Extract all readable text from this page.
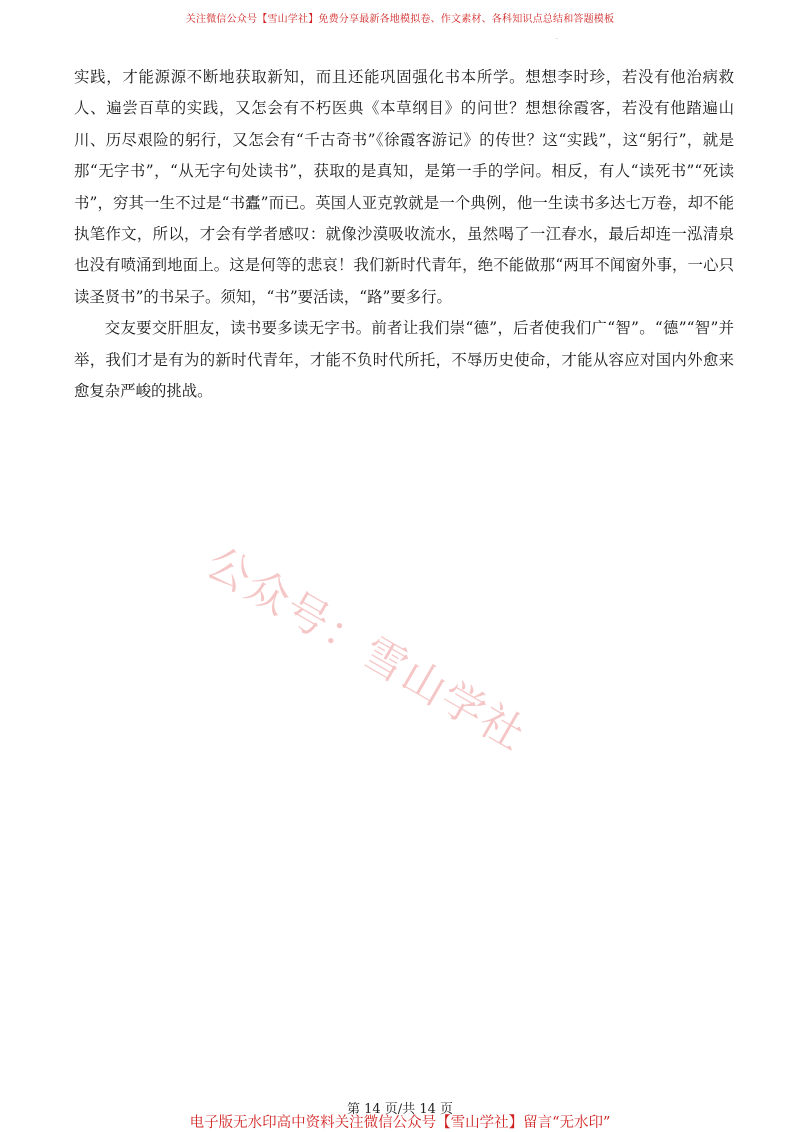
关注微信公众号【雪山学社】免费分享最新各地模拟卷、作文素材、各科知识点总结和答题模板
·

实践，才能源源不断地获取新知，而且还能巩固强化书本所学。想想李时珍，若没有他治病救人、遍尝百草的实践，又怎会有不朽医典《本草纲目》的问世？想想徐霞客，若没有他踏遍山川、历尽艰险的躬行，又怎会有“千古奇书”《徐霞客游记》的传世？这“实践”，这“躬行”，就是那“无字书”，“从无字句处读书”，获取的是真知，是第一手的学问。相反，有人“读死书”“死读书”，穷其一生不过是“书蠹”而已。英国人亚克敦就是一个典例，他一生读书多达七万卷，却不能执笔作文，所以，才会有学者感叹：就像沙漠吸收流水，虽然喝了一江春水，最后却连一泓清泉也没有喷涌到地面上。这是何等的悲哀！我们新时代青年，绝不能做那“两耳不闻窗外事，一心只读圣贤书”的书呆子。须知，“书”要活读，“路”要多行。

交友要交肝胆友，读书要多读无字书。前者让我们崇“德”，后者使我们广“智”。“德”“智”并举，我们才是有为的新时代青年，才能不负时代所托，不辱历史使命，才能从容应对国内外愈来愈复杂严峻的挑战。

公众号：雪山学社
第 14 页/共 14 页
电子版无水印高中资料关注微信公众号【雪山学社】留言“无水印”
